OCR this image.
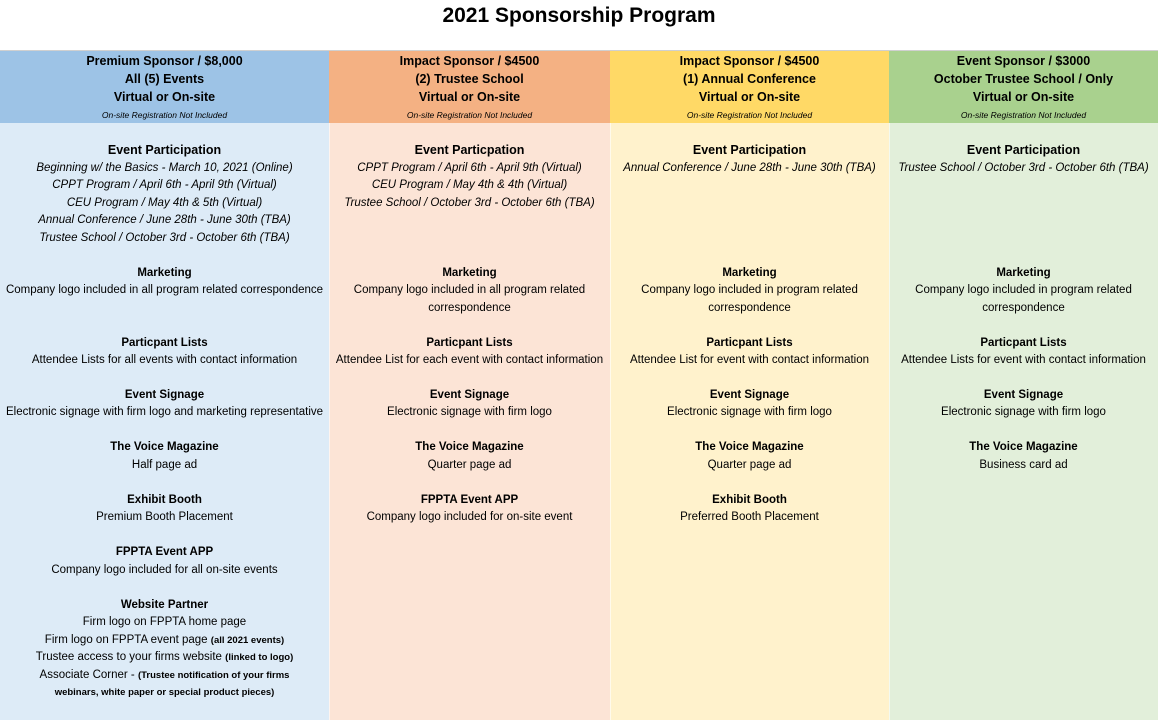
2021 Sponsorship Program
Premium Sponsor / $8,000
All (5) Events
Virtual or On-site
On-site Registration Not Included
Event Participation
Beginning w/ the Basics - March 10, 2021 (Online)
CPPT Program / April 6th - April 9th (Virtual)
CEU Program / May 4th & 5th (Virtual)
Annual Conference / June 28th - June 30th (TBA)
Trustee School / October 3rd - October 6th (TBA)
Marketing
Company logo included in all program related correspondence
Particpant Lists
Attendee Lists for all events with contact information
Event Signage
Electronic signage with firm logo and marketing representative
The Voice Magazine
Half page ad
Exhibit Booth
Premium Booth Placement
FPPTA Event APP
Company logo included for all on-site events
Website Partner
Firm logo on FPPTA home page
Firm logo on FPPTA event page (all 2021 events)
Trustee access to your firms website (linked to logo)
Associate Corner - (Trustee notification of your firms
webinars, white paper or special product pieces)
Impact Sponsor / $4500
(2) Trustee School
Virtual or On-site
On-site Registration Not Included
Event Particpation
CPPT Program / April 6th - April 9th (Virtual)
CEU Program / May 4th & 4th (Virtual)
Trustee School / October 3rd - October 6th (TBA)
Marketing
Company logo included in all program related
correspondence
Particpant Lists
Attendee List for each event with contact information
Event Signage
Electronic signage with firm logo
The Voice Magazine
Quarter page ad
FPPTA Event APP
Company logo included for on-site event
Impact Sponsor / $4500
(1) Annual Conference
Virtual or On-site
On-site Registration Not Included
Event Participation
Annual Conference / June 28th - June 30th (TBA)
Marketing
Company logo included in program related
correspondence
Particpant Lists
Attendee List for event with contact information
Event Signage
Electronic signage with firm logo
The Voice Magazine
Quarter page ad
Exhibit Booth
Preferred Booth Placement
Event Sponsor / $3000
October Trustee School / Only
Virtual or On-site
On-site Registration Not Included
Event Participation
Trustee School / October 3rd - October 6th (TBA)
Marketing
Company logo included in program related
correspondence
Particpant Lists
Attendee Lists for event with contact information
Event Signage
Electronic signage with firm logo
The Voice Magazine
Business card ad
